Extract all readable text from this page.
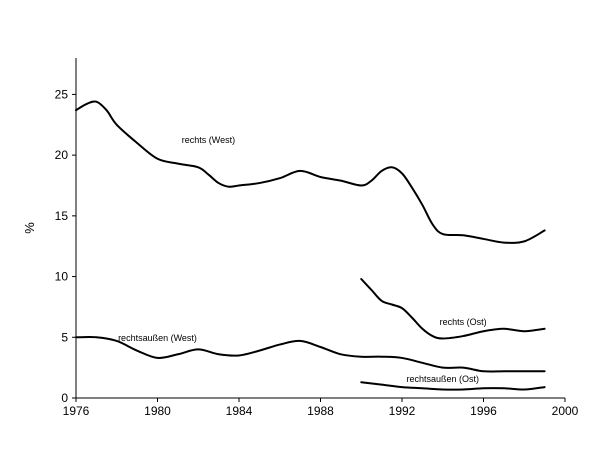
0
5
10
15
20
25
1976	1980	1984	1988	1992	1996	2000
%
rechts (West)
rechts (Ost)
rechtsaußen (West)
rechtsaußen (Ost)
